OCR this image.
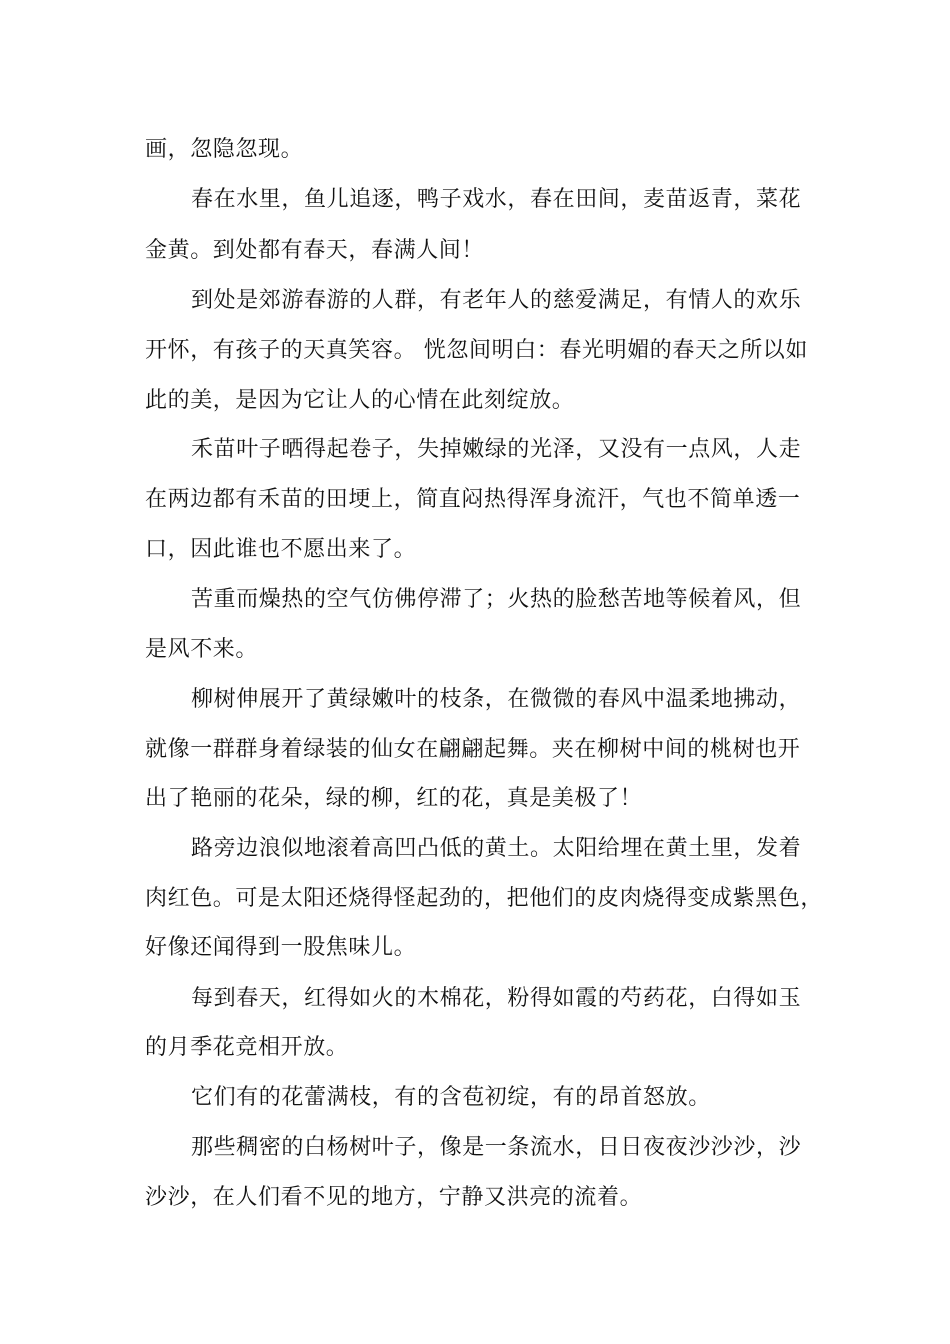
画，忽隐忽现。
春在水里，鱼儿追逐，鸭子戏水，春在田间，麦苗返青，菜花
金黄。到处都有春天，春满人间！
到处是郊游春游的人群，有老年人的慈爱满足，有情人的欢乐
开怀，有孩子的天真笑容。 恍忽间明白：春光明媚的春天之所以如
此的美，是因为它让人的心情在此刻绽放。
禾苗叶子晒得起卷子，失掉嫩绿的光泽，又没有一点风，人走
在两边都有禾苗的田埂上，简直闷热得浑身流汗，气也不简单透一
口，因此谁也不愿出来了。
苦重而燥热的空气仿佛停滞了；火热的脸愁苦地等候着风，但
是风不来。
柳树伸展开了黄绿嫩叶的枝条，在微微的春风中温柔地拂动，
就像一群群身着绿装的仙女在翩翩起舞。夹在柳树中间的桃树也开
出了艳丽的花朵，绿的柳，红的花，真是美极了！
路旁边浪似地滚着高凹凸低的黄土。太阳给埋在黄土里，发着
肉红色。可是太阳还烧得怪起劲的，把他们的皮肉烧得变成紫黑色，
好像还闻得到一股焦味儿。
每到春天，红得如火的木棉花，粉得如霞的芍药花，白得如玉
的月季花竞相开放。
它们有的花蕾满枝，有的含苞初绽，有的昂首怒放。
那些稠密的白杨树叶子，像是一条流水，日日夜夜沙沙沙，沙
沙沙，在人们看不见的地方，宁静又洪亮的流着。
